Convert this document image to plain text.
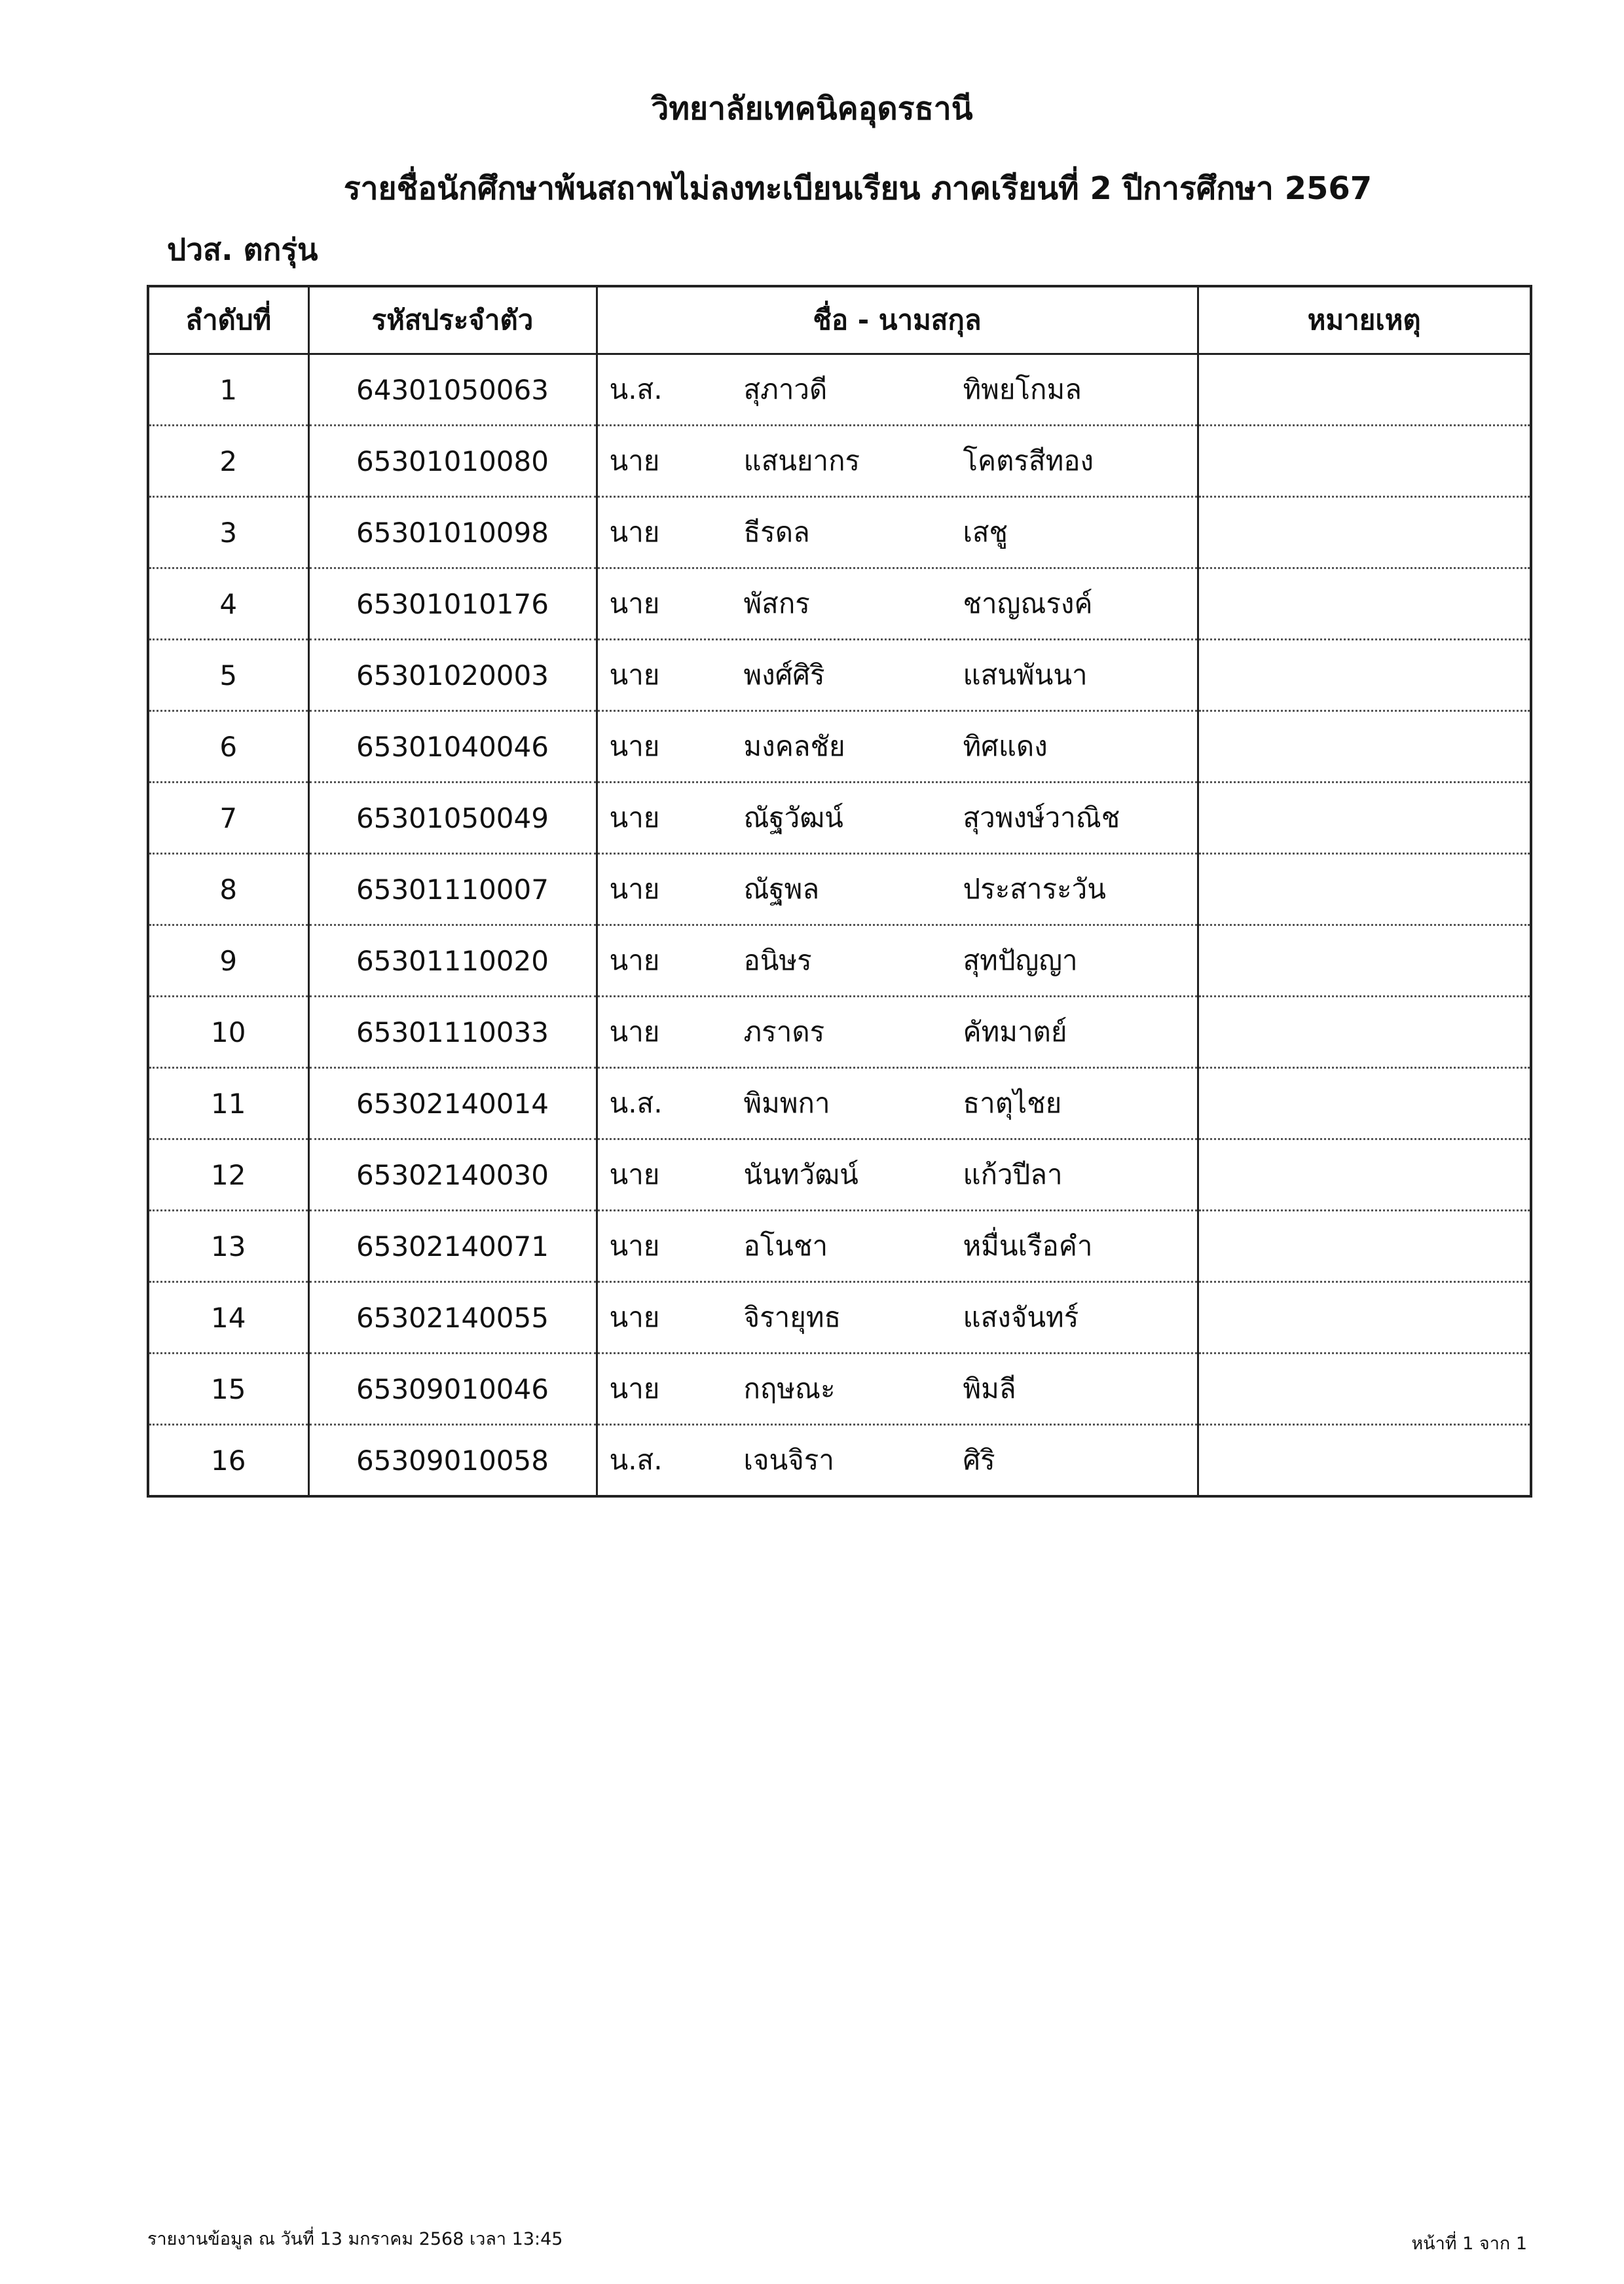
วิทยาลัยเทคนิคอุดรธานี
รายชื่อนักศึกษาพ้นสถาพไม่ลงทะเบียนเรียน ภาคเรียนที่ 2 ปีการศึกษา 2567
ปวส. ตกรุ่น
ลำดับที่	รหัสประจำตัว	ชื่อ - นามสกุล	หมายเหตุ
1	64301050063	น.ส. สุภาวดี ทิพยโกมล	
2	65301010080	นาย แสนยากร โคตรสีทอง	
3	65301010098	นาย ธีรดล เสชู	
4	65301010176	นาย พัสกร ชาญณรงค์	
5	65301020003	นาย พงศ์ศิริ แสนพันนา	
6	65301040046	นาย มงคลชัย ทิศแดง	
7	65301050049	นาย ณัฐวัฒน์ สุวพงษ์วาณิช	
8	65301110007	นาย ณัฐพล ประสาระวัน	
9	65301110020	นาย อนิษร สุทปัญญา	
10	65301110033	นาย ภราดร คัทมาตย์	
11	65302140014	น.ส. พิมพกา ธาตุไชย	
12	65302140030	นาย นันทวัฒน์ แก้วปีลา	
13	65302140071	นาย อโนชา หมื่นเรือคำ	
14	65302140055	นาย จิรายุทธ แสงจันทร์	
15	65309010046	นาย กฤษณะ พิมลี	
16	65309010058	น.ส. เจนจิรา ศิริ	
รายงานข้อมูล ณ วันที่ 13 มกราคม 2568 เวลา 13:45	หน้าที่ 1 จาก 1
